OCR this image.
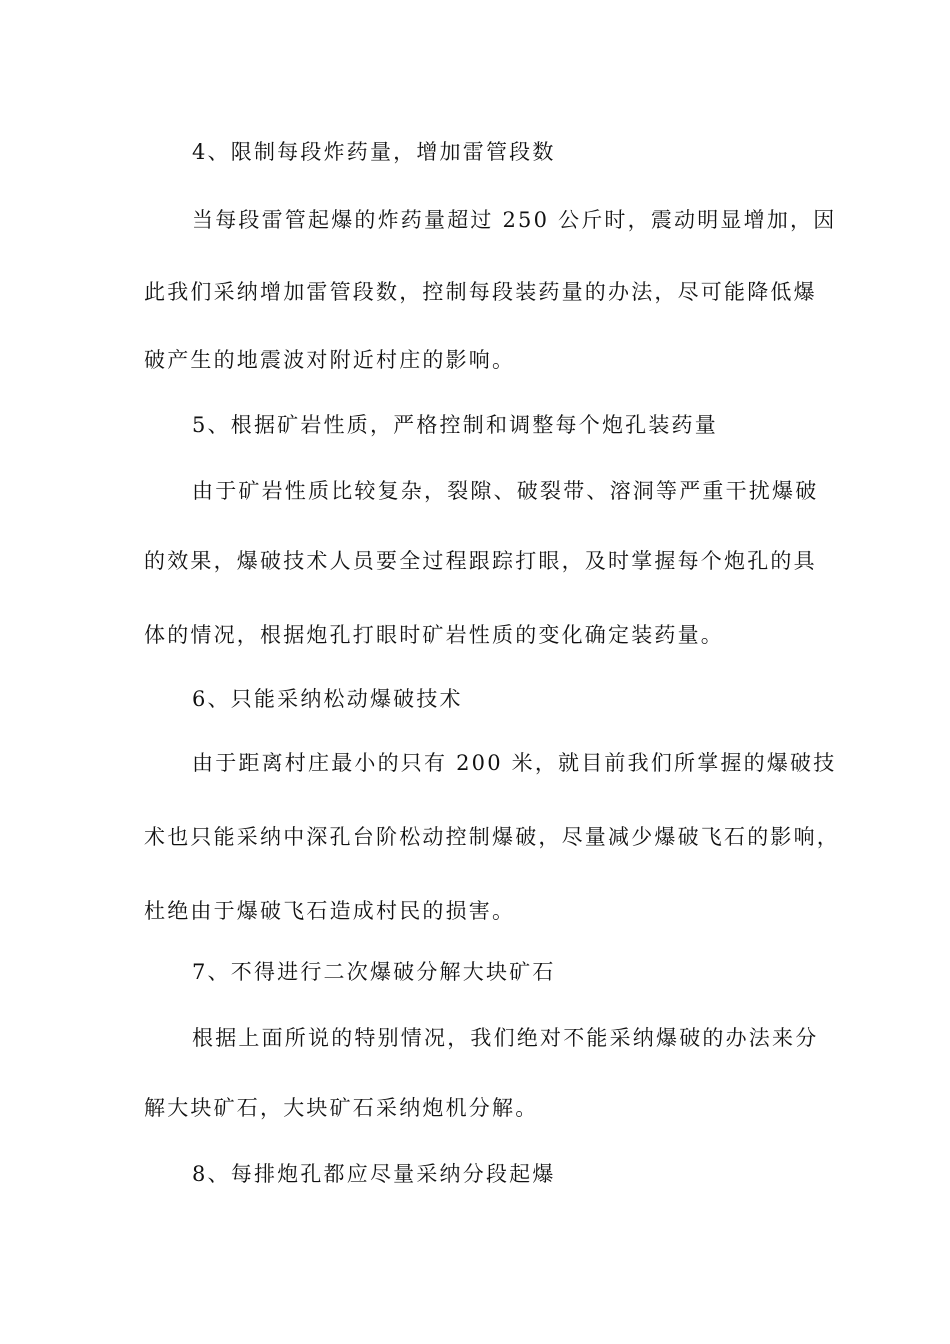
4、限制每段炸药量，增加雷管段数

当每段雷管起爆的炸药量超过 250 公斤时，震动明显增加，因

此我们采纳增加雷管段数，控制每段装药量的办法，尽可能降低爆

破产生的地震波对附近村庄的影响。

5、根据矿岩性质，严格控制和调整每个炮孔装药量

由于矿岩性质比较复杂，裂隙、破裂带、溶洞等严重干扰爆破

的效果，爆破技术人员要全过程跟踪打眼，及时掌握每个炮孔的具

体的情况，根据炮孔打眼时矿岩性质的变化确定装药量。

6、只能采纳松动爆破技术

由于距离村庄最小的只有 200 米，就目前我们所掌握的爆破技

术也只能采纳中深孔台阶松动控制爆破，尽量减少爆破飞石的影响，

杜绝由于爆破飞石造成村民的损害。

7、不得进行二次爆破分解大块矿石

根据上面所说的特别情况，我们绝对不能采纳爆破的办法来分

解大块矿石，大块矿石采纳炮机分解。

8、每排炮孔都应尽量采纳分段起爆
